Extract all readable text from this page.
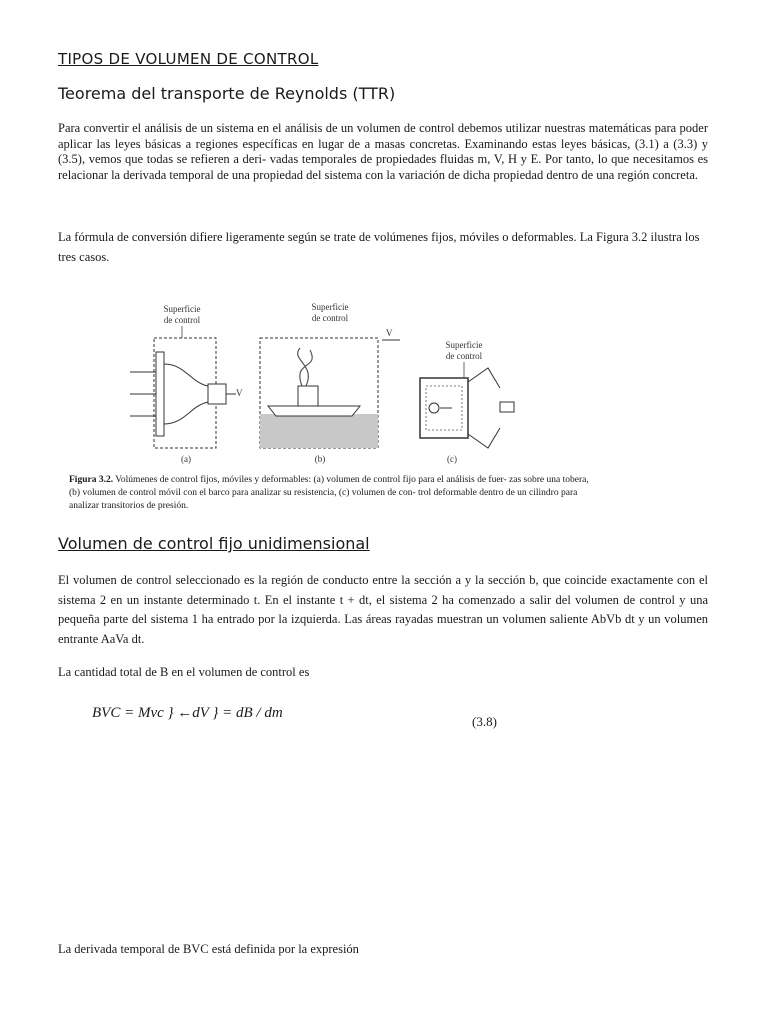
TIPOS DE VOLUMEN DE CONTROL
Teorema del transporte de Reynolds (TTR)
Para convertir el análisis de un sistema en el análisis de un volumen de control debemos utilizar nuestras matemáticas para poder aplicar las leyes básicas a regiones específicas en lugar de a masas concretas. Examinando estas leyes básicas, (3.1) a (3.3) y (3.5), vemos que todas se refieren a deri- vadas temporales de propiedades fluidas m, V, H y E. Por tanto, lo que necesitamos es relacionar la derivada temporal de una propiedad del sistema con la variación de dicha propiedad dentro de una región concreta.
La fórmula de conversión difiere ligeramente según se trate de volúmenes fijos, móviles o deformables. La Figura 3.2 ilustra los tres casos.
Superficie
de control
V
(a)
Superficie
de control
V
(b)
Superficie
de control
(c)
Figura 3.2. Volúmenes de control fijos, móviles y deformables: (a) volumen de control fijo para el análisis de fuer- zas sobre una tobera, (b) volumen de control móvil con el barco para analizar su resistencia, (c) volumen de con- trol deformable dentro de un cilindro para analizar transitorios de presión.
Volumen de control fijo unidimensional
El volumen de control seleccionado es la región de conducto entre la sección a y la sección b, que coincide exactamente con el sistema 2 en un instante determinado t. En el instante t + dt, el sistema 2 ha comenzado a salir del volumen de control y una pequeña parte del sistema 1 ha entrado por la izquierda. Las áreas rayadas muestran un volumen saliente AbVb dt y un volumen entrante AaVa dt.
La cantidad total de B en el volumen de control es
BVC = Mvc } ←dV } = dB / dm
(3.8)
La derivada temporal de BVC está definida por la expresión
